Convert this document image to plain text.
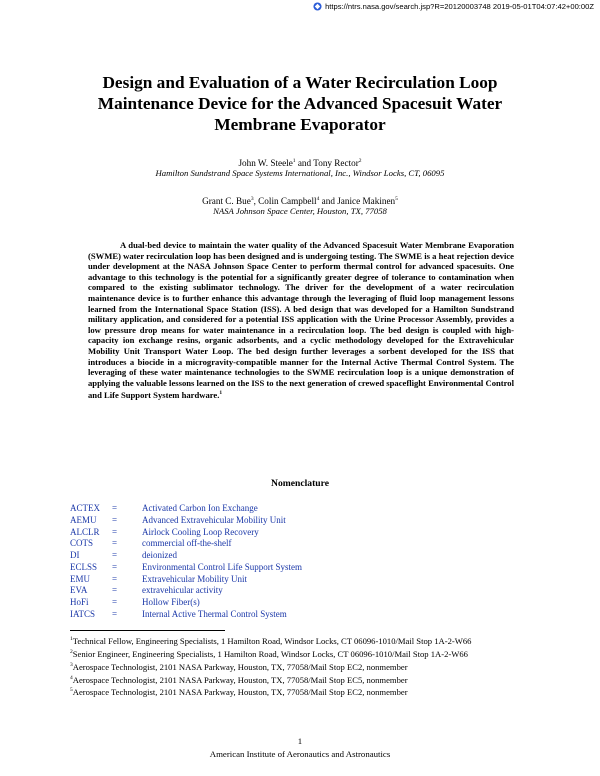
https://ntrs.nasa.gov/search.jsp?R=20120003748 2019-05-01T04:07:42+00:00Z
Design and Evaluation of a Water Recirculation Loop Maintenance Device for the Advanced Spacesuit Water Membrane Evaporator
John W. Steele$^1$ and Tony Rector$^2$
Hamilton Sundstrand Space Systems International, Inc., Windsor Locks, CT, 06095
Grant C. Bue$^3$, Colin Campbell$^4$ and Janice Makinen$^5$
NASA Johnson Space Center, Houston, TX, 77058

A dual-bed device to maintain the water quality of the Advanced Spacesuit Water Membrane Evaporation (SWME) water recirculation loop has been designed and is undergoing testing. The SWME is a heat rejection device under development at the NASA Johnson Space Center to perform thermal control for advanced spacesuits. One advantage to this technology is the potential for a significantly greater degree of tolerance to contamination when compared to the existing sublimator technology. The driver for the development of a water recirculation maintenance device is to further enhance this advantage through the leveraging of fluid loop management lessons learned from the International Space Station (ISS). A bed design that was developed for a Hamilton Sundstrand military application, and considered for a potential ISS application with the Urine Processor Assembly, provides a low pressure drop means for water maintenance in a recirculation loop. The bed design is coupled with high-capacity ion exchange resins, organic adsorbents, and a cyclic methodology developed for the Extravehicular Mobility Unit Transport Water Loop. The bed design further leverages a sorbent developed for the ISS that introduces a biocide in a microgravity-compatible manner for the Internal Active Thermal Control System. The leveraging of these water maintenance technologies to the SWME recirculation loop is a unique demonstration of applying the valuable lessons learned on the ISS to the next generation of crewed spaceflight Environmental Control and Life Support System hardware.$^1$

Nomenclature
ACTEX	=	Activated Carbon Ion Exchange
AEMU	=	Advanced Extravehicular Mobility Unit
ALCLR	=	Airlock Cooling Loop Recovery
COTS	=	commercial off-the-shelf
DI	=	deionized
ECLSS	=	Environmental Control Life Support System
EMU	=	Extravehicular Mobility Unit
EVA	=	extravehicular activity
HoFi	=	Hollow Fiber(s)
IATCS	=	Internal Active Thermal Control System

$^1$Technical Fellow, Engineering Specialists, 1 Hamilton Road, Windsor Locks, CT 06096-1010/Mail Stop 1A-2-W66

$^2$Senior Engineer, Engineering Specialists, 1 Hamilton Road, Windsor Locks, CT 06096-1010/Mail Stop 1A-2-W66

$^3$Aerospace Technologist, 2101 NASA Parkway, Houston, TX, 77058/Mail Stop EC2, nonmember

$^4$Aerospace Technologist, 2101 NASA Parkway, Houston, TX, 77058/Mail Stop EC5, nonmember

$^5$Aerospace Technologist, 2101 NASA Parkway, Houston, TX, 77058/Mail Stop EC2, nonmember

1
American Institute of Aeronautics and Astronautics
